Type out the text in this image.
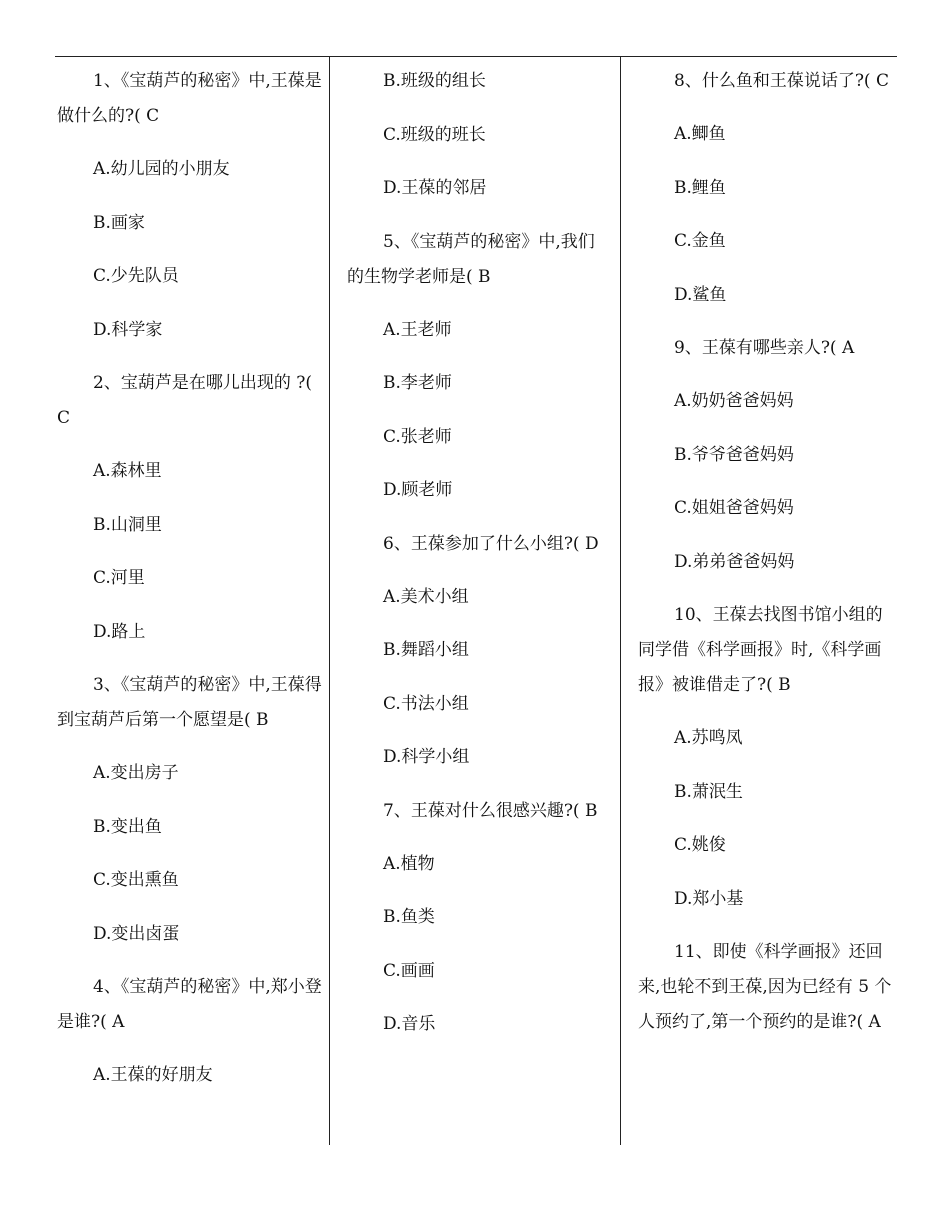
1、《宝葫芦的秘密》中,王葆是做什么的?( C
A.幼儿园的小朋友
B.画家
C.少先队员
D.科学家
2、宝葫芦是在哪儿出现的 ?( C
A.森林里
B.山洞里
C.河里
D.路上
3、《宝葫芦的秘密》中,王葆得到宝葫芦后第一个愿望是( B
A.变出房子
B.变出鱼
C.变出熏鱼
D.变出卤蛋
4、《宝葫芦的秘密》中,郑小登是谁?( A
A.王葆的好朋友
B.班级的组长
C.班级的班长
D.王葆的邻居
5、《宝葫芦的秘密》中,我们的生物学老师是( B
A.王老师
B.李老师
C.张老师
D.顾老师
6、王葆参加了什么小组?( D
A.美术小组
B.舞蹈小组
C.书法小组
D.科学小组
7、王葆对什么很感兴趣?( B
A.植物
B.鱼类
C.画画
D.音乐
8、什么鱼和王葆说话了?( C
A.鲫鱼
B.鲤鱼
C.金鱼
D.鲨鱼
9、王葆有哪些亲人?( A
A.奶奶爸爸妈妈
B.爷爷爸爸妈妈
C.姐姐爸爸妈妈
D.弟弟爸爸妈妈
10、王葆去找图书馆小组的同学借《科学画报》时,《科学画报》被谁借走了?( B
A.苏鸣凤
B.萧泯生
C.姚俊
D.郑小基
11、即使《科学画报》还回来,也轮不到王葆,因为已经有 5 个人预约了,第一个预约的是谁?( A
